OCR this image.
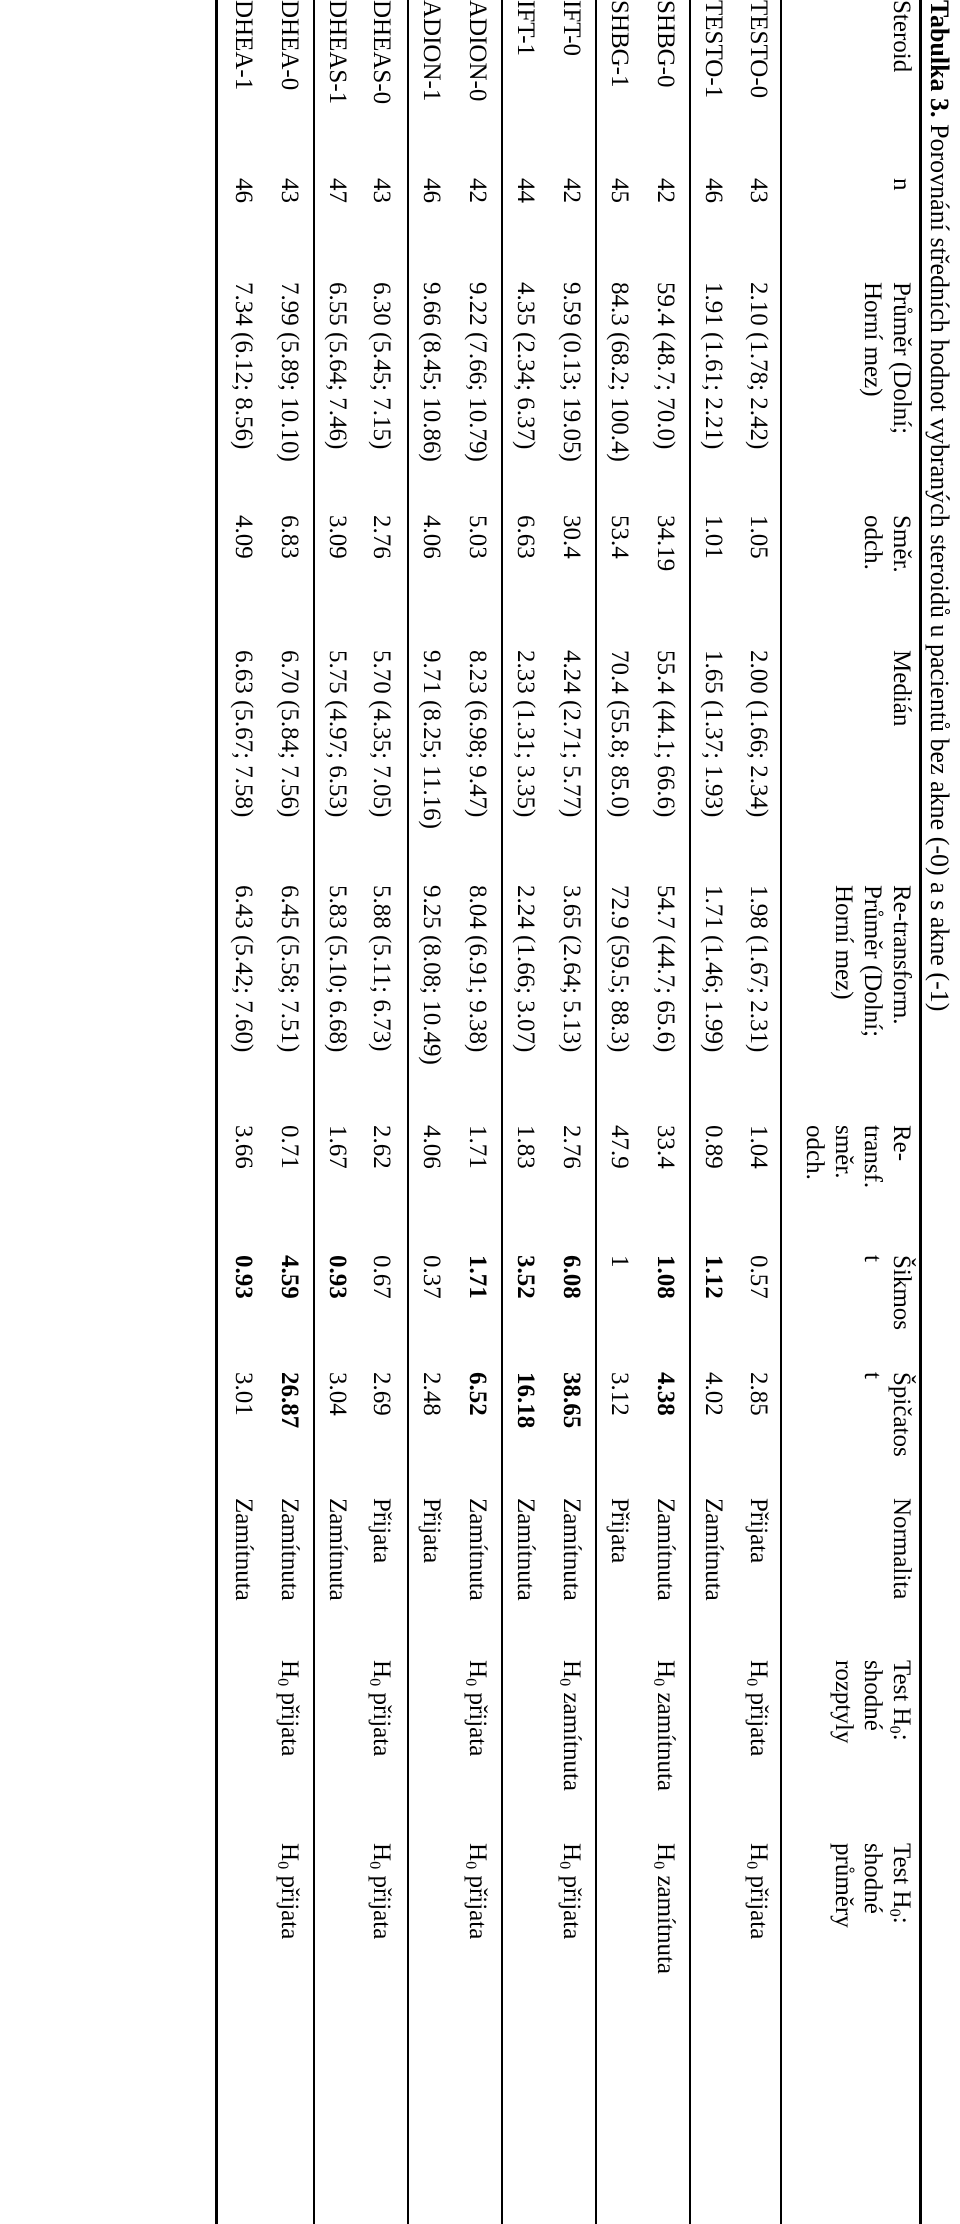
Tabulka 3. Porovnání středních hodnot vybraných steroidů u pacientů bez akne (-0) a s akne (-1)
Steroid
n
Průměr (Dolní;
Horní mez)
Směr.
odch.
Medián
Re-transform.
Průměr (Dolní;
Horní mez)
Re-
transf.
směr.
odch.
Šikmos
t
Špičatos
t
Normalita
Test $H_0$:
shodné
rozptyly
Test $H_0$:
shodné
průměry
TESTO-0
43
2.10 (1.78; 2.42)
1.05
2.00 (1.66; 2.34)
1.98 (1.67; 2.31)
1.04
0.57
2.85
Přijata
$H_0$ přijata
$H_0$ přijata
TESTO-1
46
1.91 (1.61; 2.21)
1.01
1.65 (1.37; 1.93)
1.71 (1.46; 1.99)
0.89
1.12
4.02
Zamítnuta
SHBG-0
42
59.4 (48.7; 70.0)
34.19
55.4 (44.1; 66.6)
54.7 (44.7; 65.6)
33.4
1.08
4.38
Zamítnuta
$H_0$ zamítnuta
$H_0$ zamítnuta
SHBG-1
45
84.3 (68.2; 100.4)
53.4
70.4 (55.8; 85.0)
72.9 (59.5; 88.3)
47.9
1
3.12
Přijata
IFT-0
42
9.59 (0.13; 19.05)
30.4
4.24 (2.71; 5.77)
3.65 (2.64; 5.13)
2.76
6.08
38.65
Zamítnuta
$H_0$ zamítnuta
$H_0$ přijata
IFT-1
44
4.35 (2.34; 6.37)
6.63
2.33 (1.31; 3.35)
2.24 (1.66; 3.07)
1.83
3.52
16.18
Zamítnuta
ADION-0
42
9.22 (7.66; 10.79)
5.03
8.23 (6.98; 9.47)
8.04 (6.91; 9.38)
1.71
1.71
6.52
Zamítnuta
$H_0$ přijata
$H_0$ přijata
ADION-1
46
9.66 (8.45; 10.86)
4.06
9.71 (8.25; 11.16)
9.25 (8.08; 10.49)
4.06
0.37
2.48
Přijata
DHEAS-0
43
6.30 (5.45; 7.15)
2.76
5.70 (4.35; 7.05)
5.88 (5.11; 6.73)
2.62
0.67
2.69
Přijata
$H_0$ přijata
$H_0$ přijata
DHEAS-1
47
6.55 (5.64; 7.46)
3.09
5.75 (4.97; 6.53)
5.83 (5.10; 6.68)
1.67
0.93
3.04
Zamítnuta
DHEA-0
43
7.99 (5.89; 10.10)
6.83
6.70 (5.84; 7.56)
6.45 (5.58; 7.51)
0.71
4.59
26.87
Zamítnuta
$H_0$ přijata
$H_0$ přijata
DHEA-1
46
7.34 (6.12; 8.56)
4.09
6.63 (5.67; 7.58)
6.43 (5.42; 7.60)
3.66
0.93
3.01
Zamítnuta
